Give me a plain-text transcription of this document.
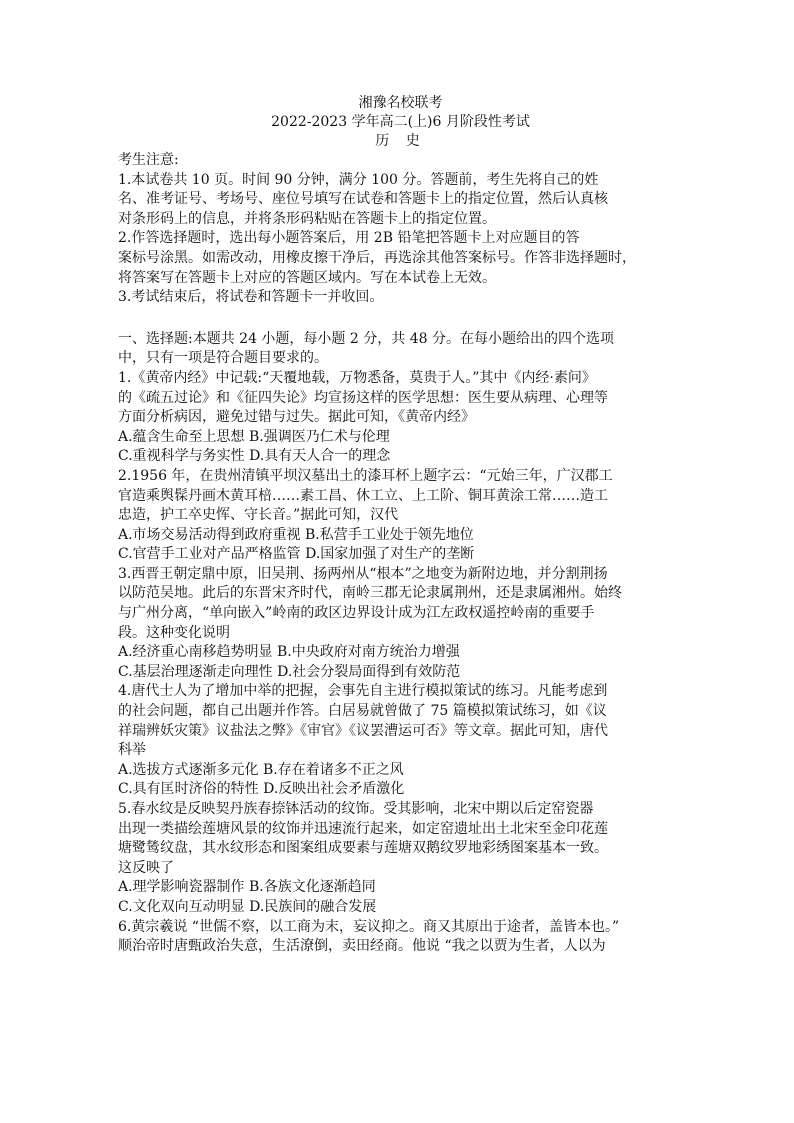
湘豫名校联考
2022-2023 学年高二(上)6 月阶段性考试
历 史
考生注意:
1.本试卷共 10 页。时间 90 分钟，满分 100 分。答题前，考生先将自己的姓
名、准考证号、考场号、座位号填写在试卷和答题卡上的指定位置，然后认真核
对条形码上的信息，并将条形码粘贴在答题卡上的指定位置。
2.作答选择题时，选出每小题答案后，用 2B 铅笔把答题卡上对应题目的答
案标号涂黑。如需改动，用橡皮擦干净后，再选涂其他答案标号。作答非选择题时，
将答案写在答题卡上对应的答题区域内。写在本试卷上无效。
3.考试结束后，将试卷和答题卡一并收回。
一、选择题:本题共 24 小题，每小题 2 分，共 48 分。在每小题给出的四个选项
中，只有一项是符合题目要求的。
1.《黄帝内经》中记载:“天覆地载，万物悉备，莫贵于人。”其中《内经·素问》
的《疏五过论》和《征四失论》均宣扬这样的医学思想：医生要从病理、心理等
方面分析病因，避免过错与过失。据此可知，《黄帝内经》
A.蕴含生命至上思想 B.强调医乃仁术与伦理
C.重视科学与务实性 D.具有天人合一的理念
2.1956 年，在贵州清镇平坝汉墓出土的漆耳杯上题字云：“元始三年，广汉郡工
官造乘舆髹丹画木黄耳棓……素工昌、休工立、上工阶、铜耳黄涂工常……造工
忠造，护工卒史恽、守长音。”据此可知，汉代
A.市场交易活动得到政府重视 B.私营手工业处于领先地位
C.官营手工业对产品严格监管 D.国家加强了对生产的垄断
3.西晋王朝定鼎中原，旧吴荆、扬两州从“根本”之地变为新附边地，并分割荆扬
以防范吴地。此后的东晋宋齐时代，南岭三郡无论隶属荆州，还是隶属湘州。始终
与广州分离，“单向嵌入”岭南的政区边界设计成为江左政权遥控岭南的重要手
段。这种变化说明
A.经济重心南移趋势明显 B.中央政府对南方统治力增强
C.基层治理逐渐走向理性 D.社会分裂局面得到有效防范
4.唐代士人为了增加中举的把握，会事先自主进行模拟策试的练习。凡能考虑到
的社会问题，都自己出题并作答。白居易就曾做了 75 篇模拟策试练习，如《议
祥瑞辨妖灾策》议盐法之弊》《审官》《议罢漕运可否》等文章。据此可知，唐代
科举
A.选拔方式逐渐多元化 B.存在着诸多不正之风
C.具有匡时济俗的特性 D.反映出社会矛盾激化
5.春水纹是反映契丹族春捺钵活动的纹饰。受其影响，北宋中期以后定窑瓷器
出现一类描绘莲塘风景的纹饰并迅速流行起来，如定窑遗址出土北宋至金印花莲
塘鹭鸶纹盘，其水纹形态和图案组成要素与莲塘双鹅纹罗地彩绣图案基本一致。
这反映了
A.理学影响瓷器制作 B.各族文化逐渐趋同
C.文化双向互动明显 D.民族间的融合发展
6.黄宗羲说 “世儒不察，以工商为末，妄议抑之。商又其原出于途者，盖皆本也。”
顺治帝时唐甄政治失意，生活潦倒，卖田经商。他说 “我之以贾为生者，人以为
